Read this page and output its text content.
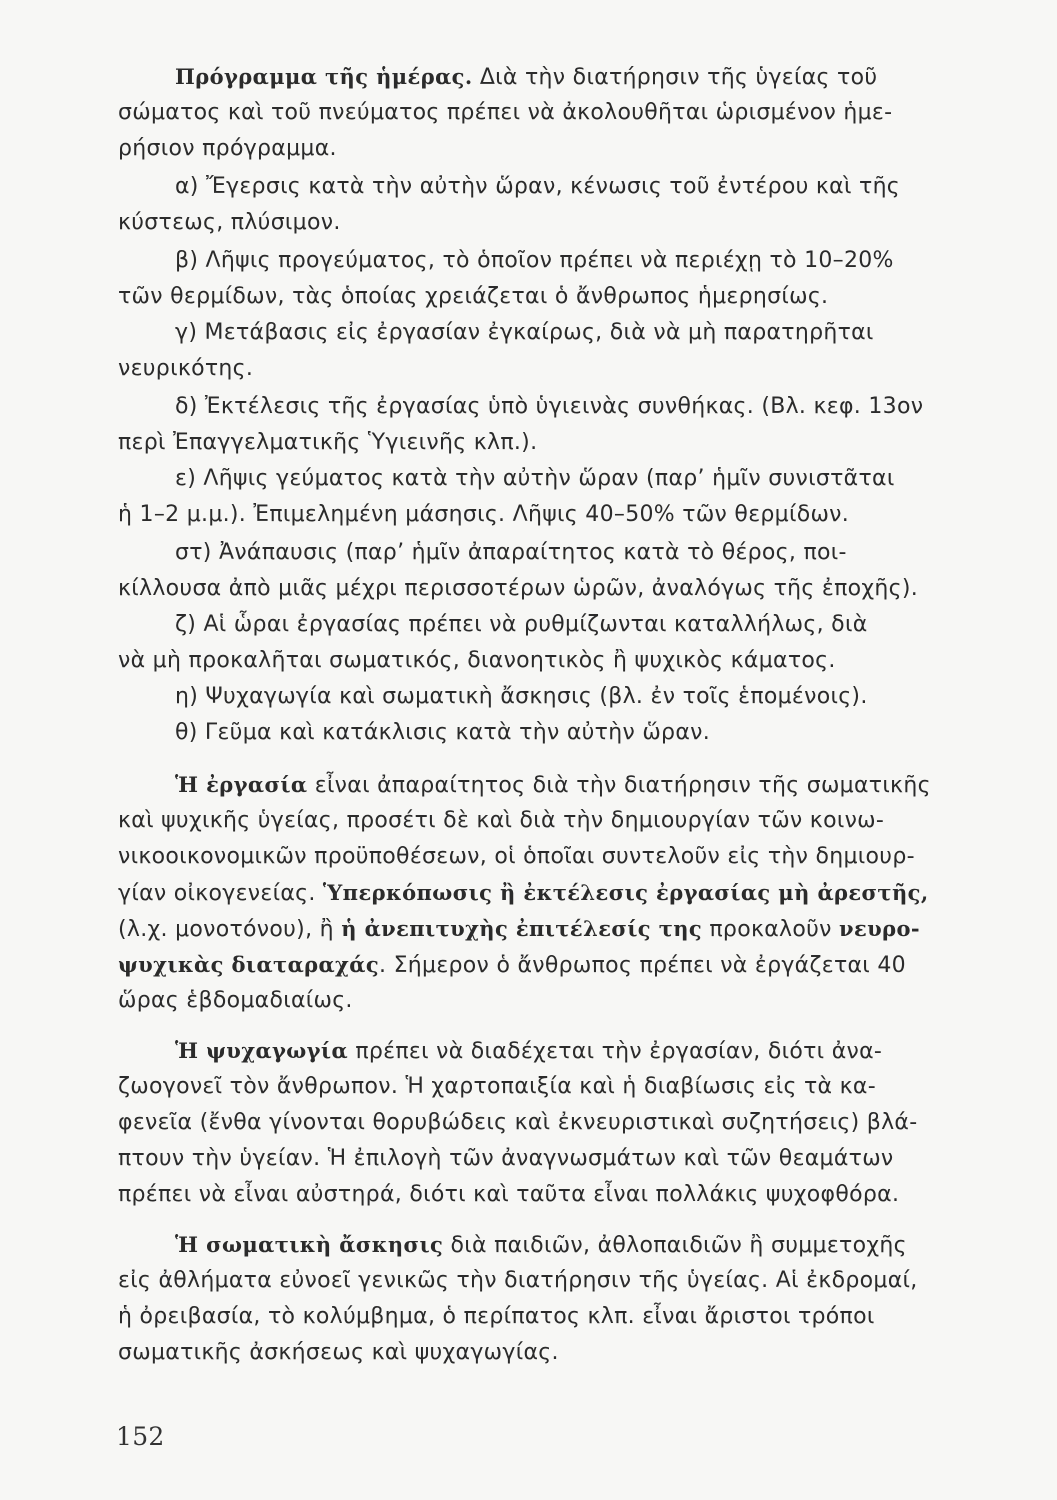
Πρόγραμμα τῆς ἡμέρας. Διὰ τὴν διατήρησιν τῆς ὑγείας τοῦ
σώματος καὶ τοῦ πνεύματος πρέπει νὰ ἀκολουθῆται ὡρισμένον ἡμε-
ρήσιον πρόγραμμα.
α) Ἔγερσις κατὰ τὴν αὐτὴν ὥραν, κένωσις τοῦ ἐντέρου καὶ τῆς
κύστεως, πλύσιμον.
β) Λῆψις προγεύματος, τὸ ὁποῖον πρέπει νὰ περιέχῃ τὸ 10–20%
τῶν θερμίδων, τὰς ὁποίας χρειάζεται ὁ ἄνθρωπος ἡμερησίως.
γ) Μετάβασις εἰς ἐργασίαν ἐγκαίρως, διὰ νὰ μὴ παρατηρῆται
νευρικότης.
δ) Ἐκτέλεσις τῆς ἐργασίας ὑπὸ ὑγιεινὰς συνθήκας. (Βλ. κεφ. 13ον
περὶ Ἐπαγγελματικῆς Ὑγιεινῆς κλπ.).
ε) Λῆψις γεύματος κατὰ τὴν αὐτὴν ὥραν (παρ’ ἡμῖν συνιστᾶται
ἡ 1–2 μ.μ.). Ἐπιμελημένη μάσησις. Λῆψις 40–50% τῶν θερμίδων.
στ) Ἀνάπαυσις (παρ’ ἡμῖν ἀπαραίτητος κατὰ τὸ θέρος, ποι-
κίλλουσα ἀπὸ μιᾶς μέχρι περισσοτέρων ὡρῶν, ἀναλόγως τῆς ἐποχῆς).
ζ) Αἱ ὧραι ἐργασίας πρέπει νὰ ρυθμίζωνται καταλλήλως, διὰ
νὰ μὴ προκαλῆται σωματικός, διανοητικὸς ἢ ψυχικὸς κάματος.
η) Ψυχαγωγία καὶ σωματικὴ ἄσκησις (βλ. ἐν τοῖς ἑπομένοις).
θ) Γεῦμα καὶ κατάκλισις κατὰ τὴν αὐτὴν ὥραν.
Ἡ ἐργασία εἶναι ἀπαραίτητος διὰ τὴν διατήρησιν τῆς σωματικῆς
καὶ ψυχικῆς ὑγείας, προσέτι δὲ καὶ διὰ τὴν δημιουργίαν τῶν κοινω-
νικοοικονομικῶν προϋποθέσεων, οἱ ὁποῖαι συντελοῦν εἰς τὴν δημιουρ-
γίαν οἰκογενείας. Ὑπερκόπωσις ἢ ἐκτέλεσις ἐργασίας μὴ ἀρεστῆς,
(λ.χ. μονοτόνου), ἢ ἡ ἀνεπιτυχὴς ἐπιτέλεσίς της προκαλοῦν νευρο-
ψυχικὰς διαταραχάς. Σήμερον ὁ ἄνθρωπος πρέπει νὰ ἐργάζεται 40
ὥρας ἑβδομαδιαίως.
Ἡ ψυχαγωγία πρέπει νὰ διαδέχεται τὴν ἐργασίαν, διότι ἀνα-
ζωογονεῖ τὸν ἄνθρωπον. Ἡ χαρτοπαιξία καὶ ἡ διαβίωσις εἰς τὰ κα-
φενεῖα (ἔνθα γίνονται θορυβώδεις καὶ ἐκνευριστικαὶ συζητήσεις) βλά-
πτουν τὴν ὑγείαν. Ἡ ἐπιλογὴ τῶν ἀναγνωσμάτων καὶ τῶν θεαμάτων
πρέπει νὰ εἶναι αὐστηρά, διότι καὶ ταῦτα εἶναι πολλάκις ψυχοφθόρα.
Ἡ σωματικὴ ἄσκησις διὰ παιδιῶν, ἀθλοπαιδιῶν ἢ συμμετοχῆς
εἰς ἀθλήματα εὐνοεῖ γενικῶς τὴν διατήρησιν τῆς ὑγείας. Αἱ ἐκδρομαί,
ἡ ὀρειβασία, τὸ κολύμβημα, ὁ περίπατος κλπ. εἶναι ἄριστοι τρόποι
σωματικῆς ἀσκήσεως καὶ ψυχαγωγίας.
152
